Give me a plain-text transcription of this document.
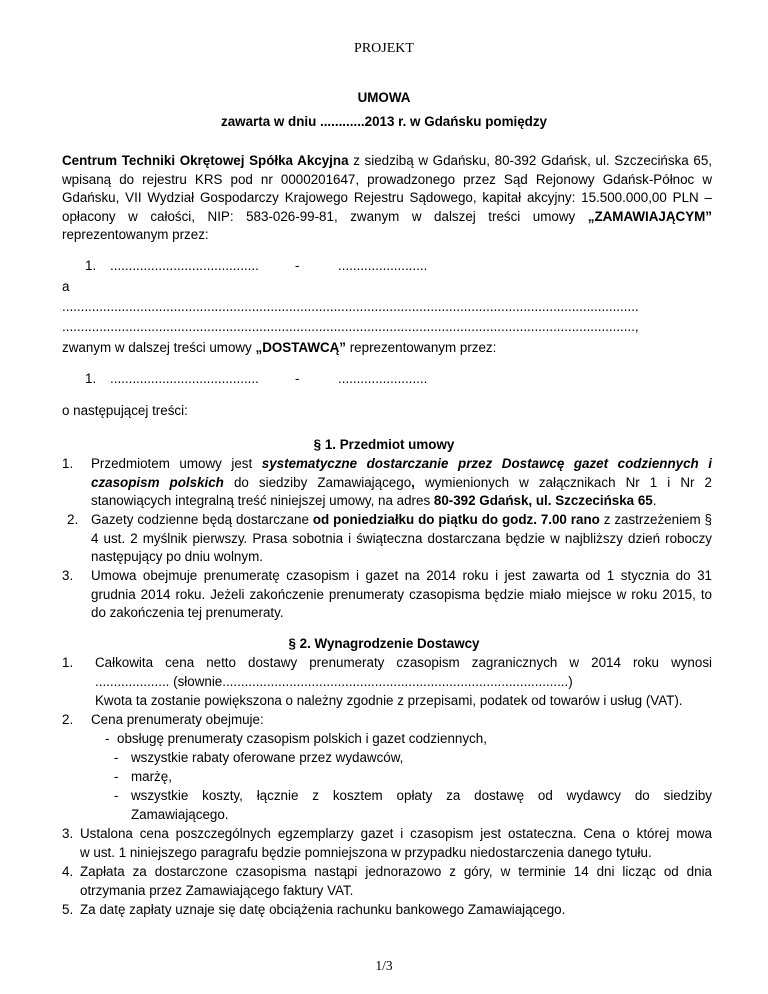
PROJEKT
UMOWA
zawarta w dniu ............2013 r. w Gdańsku pomiędzy
Centrum Techniki Okrętowej Spółka Akcyjna z siedzibą w Gdańsku, 80-392 Gdańsk, ul. Szczecińska 65, wpisaną do rejestru KRS pod nr 0000201647, prowadzonego przez Sąd Rejonowy Gdańsk-Północ w Gdańsku, VII Wydział Gospodarczy Krajowego Rejestru Sądowego, kapitał akcyjny: 15.500.000,00 PLN – opłacony w całości, NIP: 583-026-99-81, zwanym w dalszej treści umowy „ZAMAWIAJĄCYM” reprezentowanym przez:
1. ........................................	-	........................
a
...........................................................................................................................................................
..........................................................................................................................................................,
zwanym w dalszej treści umowy „DOSTAWCĄ” reprezentowanym przez:
1. ........................................	-	........................
o następującej treści:
§ 1. Przedmiot umowy
1. Przedmiotem umowy jest systematyczne dostarczanie przez Dostawcę gazet codziennych i czasopism polskich do siedziby Zamawiającego, wymienionych w załącznikach Nr 1 i Nr 2 stanowiących integralną treść niniejszej umowy, na adres 80-392 Gdańsk, ul. Szczecińska 65.
2. Gazety codzienne będą dostarczane od poniedziałku do piątku do godz. 7.00 rano z zastrzeżeniem § 4 ust. 2 myślnik pierwszy. Prasa sobotnia i świąteczna dostarczana będzie w najbliższy dzień roboczy następujący po dniu wolnym.
3. Umowa obejmuje prenumeratę czasopism i gazet na 2014 roku i jest zawarta od 1 stycznia do 31 grudnia 2014 roku. Jeżeli zakończenie prenumeraty czasopisma będzie miało miejsce w roku 2015, to do zakończenia tej prenumeraty.
§ 2. Wynagrodzenie Dostawcy
1. Całkowita cena netto dostawy prenumeraty czasopism zagranicznych w 2014 roku wynosi
.................... (słownie.............................................................................................)
Kwota ta zostanie powiększona o należny zgodnie z przepisami, podatek od towarów i usług (VAT).
2. Cena prenumeraty obejmuje:
- obsługę prenumeraty czasopism polskich i gazet codziennych,
- wszystkie rabaty oferowane przez wydawców,
- marżę,
- wszystkie koszty, łącznie z kosztem opłaty za dostawę od wydawcy do siedziby
Zamawiającego.
3. Ustalona cena poszczególnych egzemplarzy gazet i czasopism jest ostateczna. Cena o której mowa
w ust. 1 niniejszego paragrafu będzie pomniejszona w przypadku niedostarczenia danego tytułu.
4. Zapłata za dostarczone czasopisma nastąpi jednorazowo z góry, w terminie 14 dni licząc od dnia
otrzymania przez Zamawiającego faktury VAT.
5. Za datę zapłaty uznaje się datę obciążenia rachunku bankowego Zamawiającego.
1/3
